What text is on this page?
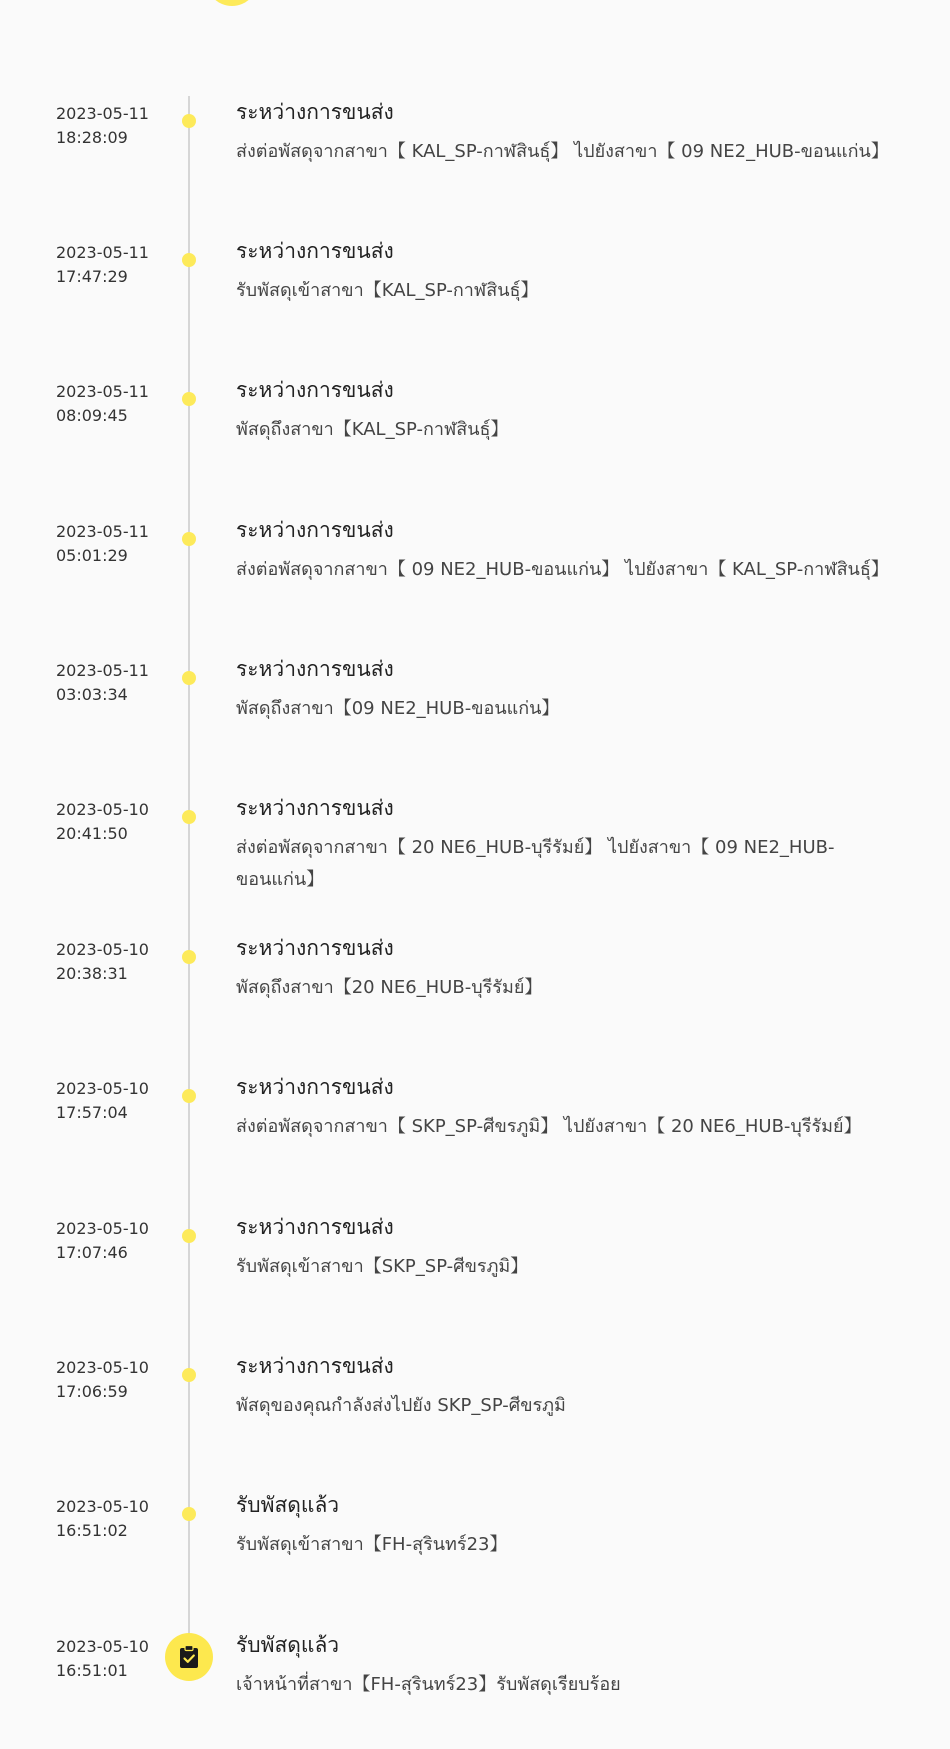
2023-05-11
18:28:09
ระหว่างการขนส่ง
ส่งต่อพัสดุจากสาขา【 KAL_SP-กาฬสินธุ์】 ไปยังสาขา【 09 NE2_HUB-ขอนแก่น】
2023-05-11
17:47:29
ระหว่างการขนส่ง
รับพัสดุเข้าสาขา【KAL_SP-กาฬสินธุ์】
2023-05-11
08:09:45
ระหว่างการขนส่ง
พัสดุถึงสาขา【KAL_SP-กาฬสินธุ์】
2023-05-11
05:01:29
ระหว่างการขนส่ง
ส่งต่อพัสดุจากสาขา【 09 NE2_HUB-ขอนแก่น】 ไปยังสาขา【 KAL_SP-กาฬสินธุ์】
2023-05-11
03:03:34
ระหว่างการขนส่ง
พัสดุถึงสาขา【09 NE2_HUB-ขอนแก่น】
2023-05-10
20:41:50
ระหว่างการขนส่ง
ส่งต่อพัสดุจากสาขา【 20 NE6_HUB-บุรีรัมย์】 ไปยังสาขา【 09 NE2_HUB-ขอนแก่น】
2023-05-10
20:38:31
ระหว่างการขนส่ง
พัสดุถึงสาขา【20 NE6_HUB-บุรีรัมย์】
2023-05-10
17:57:04
ระหว่างการขนส่ง
ส่งต่อพัสดุจากสาขา【 SKP_SP-ศีขรภูมิ】 ไปยังสาขา【 20 NE6_HUB-บุรีรัมย์】
2023-05-10
17:07:46
ระหว่างการขนส่ง
รับพัสดุเข้าสาขา【SKP_SP-ศีขรภูมิ】
2023-05-10
17:06:59
ระหว่างการขนส่ง
พัสดุของคุณกำลังส่งไปยัง SKP_SP-ศีขรภูมิ
2023-05-10
16:51:02
รับพัสดุแล้ว
รับพัสดุเข้าสาขา【FH-สุรินทร์23】
2023-05-10
16:51:01
รับพัสดุแล้ว
เจ้าหน้าที่สาขา【FH-สุรินทร์23】รับพัสดุเรียบร้อย
